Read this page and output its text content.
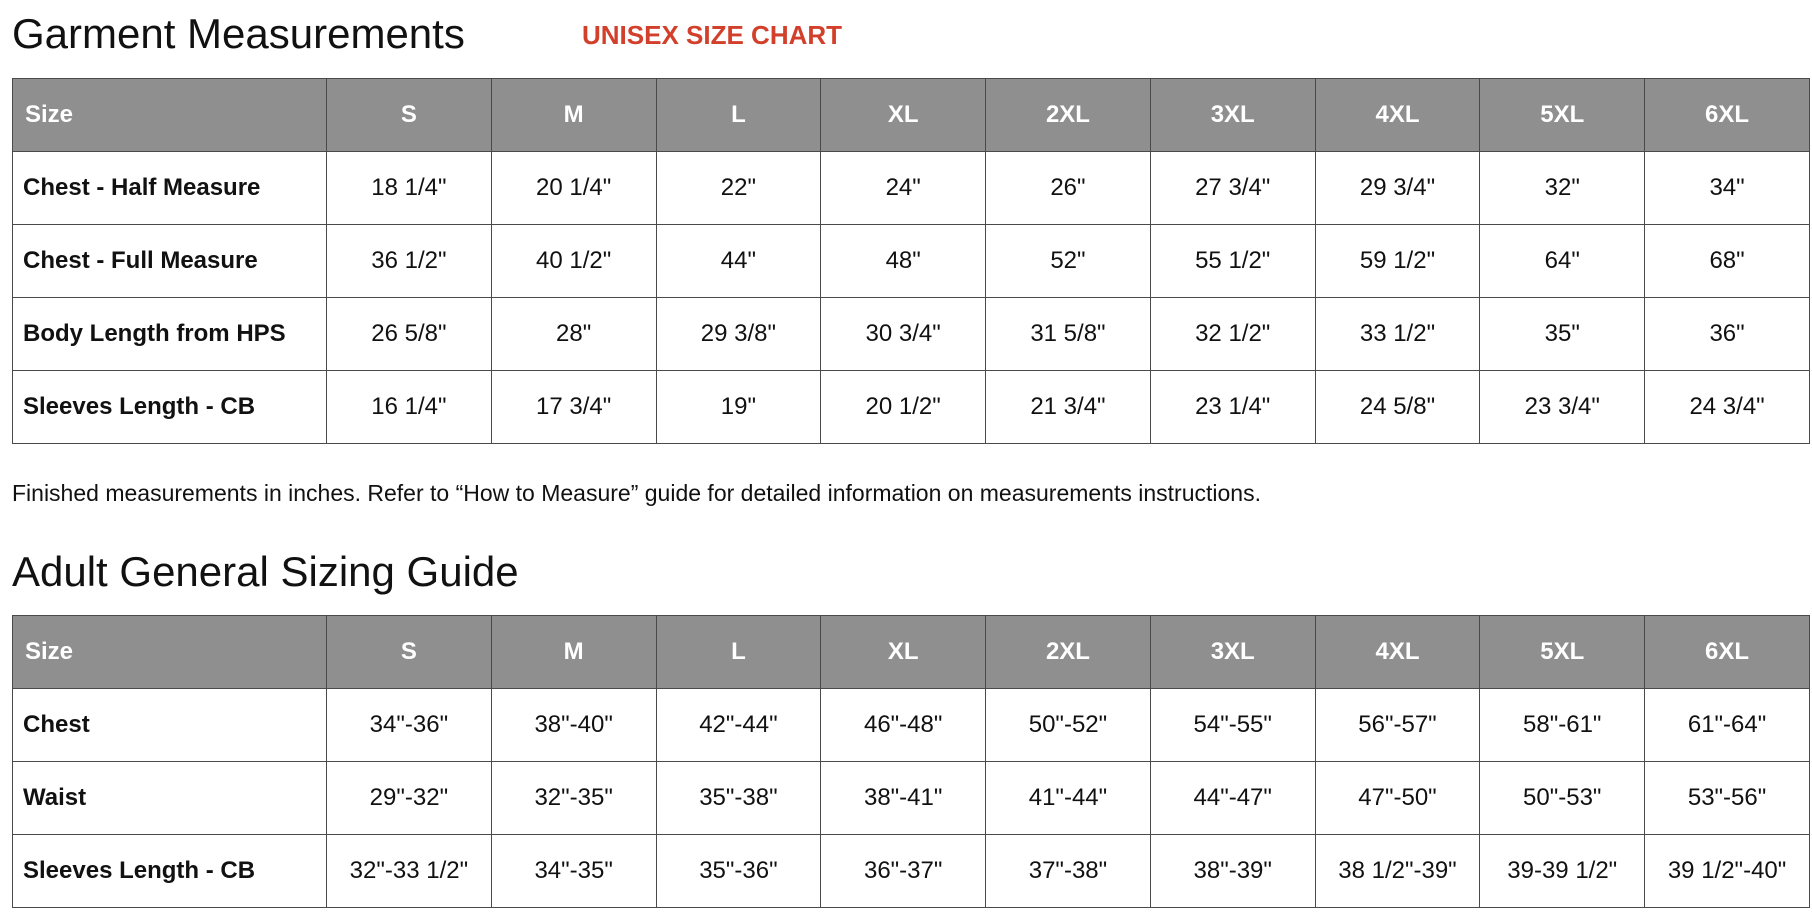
Garment Measurements	UNISEX SIZE CHART
Size	S	M	L	XL	2XL	3XL	4XL	5XL	6XL
Chest - Half Measure	18 1/4"	20 1/4"	22"	24"	26"	27 3/4"	29 3/4"	32"	34"
Chest - Full Measure	36 1/2"	40 1/2"	44"	48"	52"	55 1/2"	59 1/2"	64"	68"
Body Length from HPS	26 5/8"	28"	29 3/8"	30 3/4"	31 5/8"	32 1/2"	33 1/2"	35"	36"
Sleeves Length - CB	16 1/4"	17 3/4"	19"	20 1/2"	21 3/4"	23 1/4"	24 5/8"	23 3/4"	24 3/4"
Finished measurements in inches. Refer to “How to Measure” guide for detailed information on measurements instructions.
Adult General Sizing Guide
Size	S	M	L	XL	2XL	3XL	4XL	5XL	6XL
Chest	34"-36"	38"-40"	42"-44"	46"-48"	50"-52"	54"-55"	56"-57"	58"-61"	61"-64"
Waist	29"-32"	32"-35"	35"-38"	38"-41"	41"-44"	44"-47"	47"-50"	50"-53"	53"-56"
Sleeves Length - CB	32"-33 1/2"	34"-35"	35"-36"	36"-37"	37"-38"	38"-39"	38 1/2"-39"	39-39 1/2"	39 1/2"-40"
